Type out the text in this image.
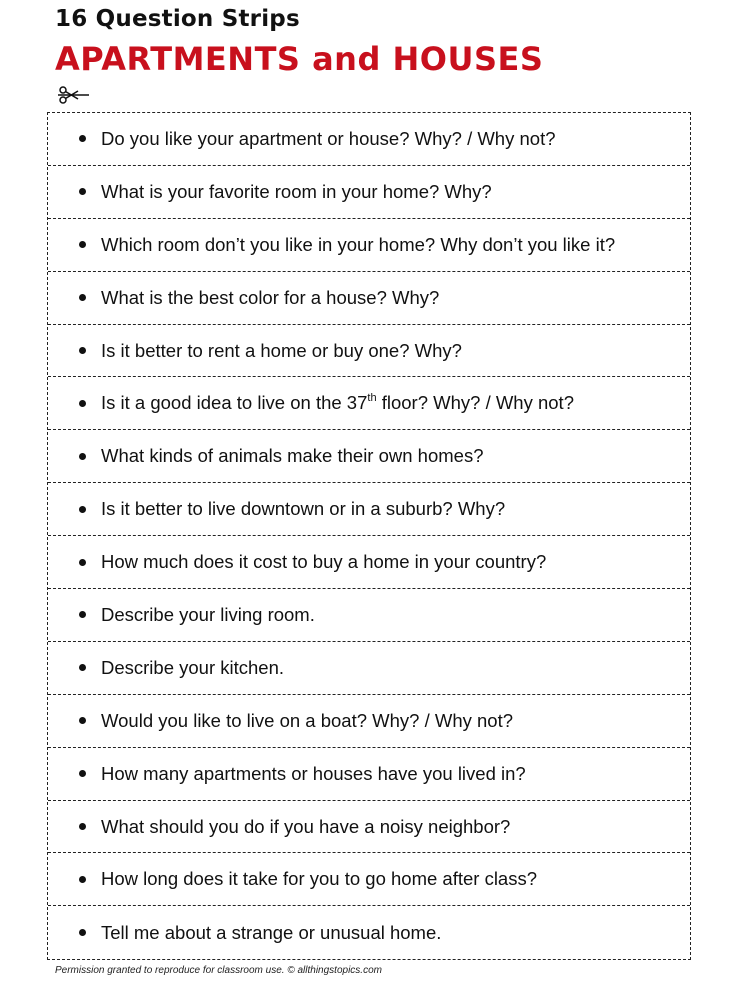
16 Question Strips
APARTMENTS and HOUSES
Do you like your apartment or house? Why? / Why not?
What is your favorite room in your home? Why?
Which room don’t you like in your home? Why don’t you like it?
What is the best color for a house? Why?
Is it better to rent a home or buy one? Why?
Is it a good idea to live on the 37th floor? Why? / Why not?
What kinds of animals make their own homes?
Is it better to live downtown or in a suburb? Why?
How much does it cost to buy a home in your country?
Describe your living room.
Describe your kitchen.
Would you like to live on a boat? Why? / Why not?
How many apartments or houses have you lived in?
What should you do if you have a noisy neighbor?
How long does it take for you to go home after class?
Tell me about a strange or unusual home.
Permission granted to reproduce for classroom use. © allthingstopics.com
